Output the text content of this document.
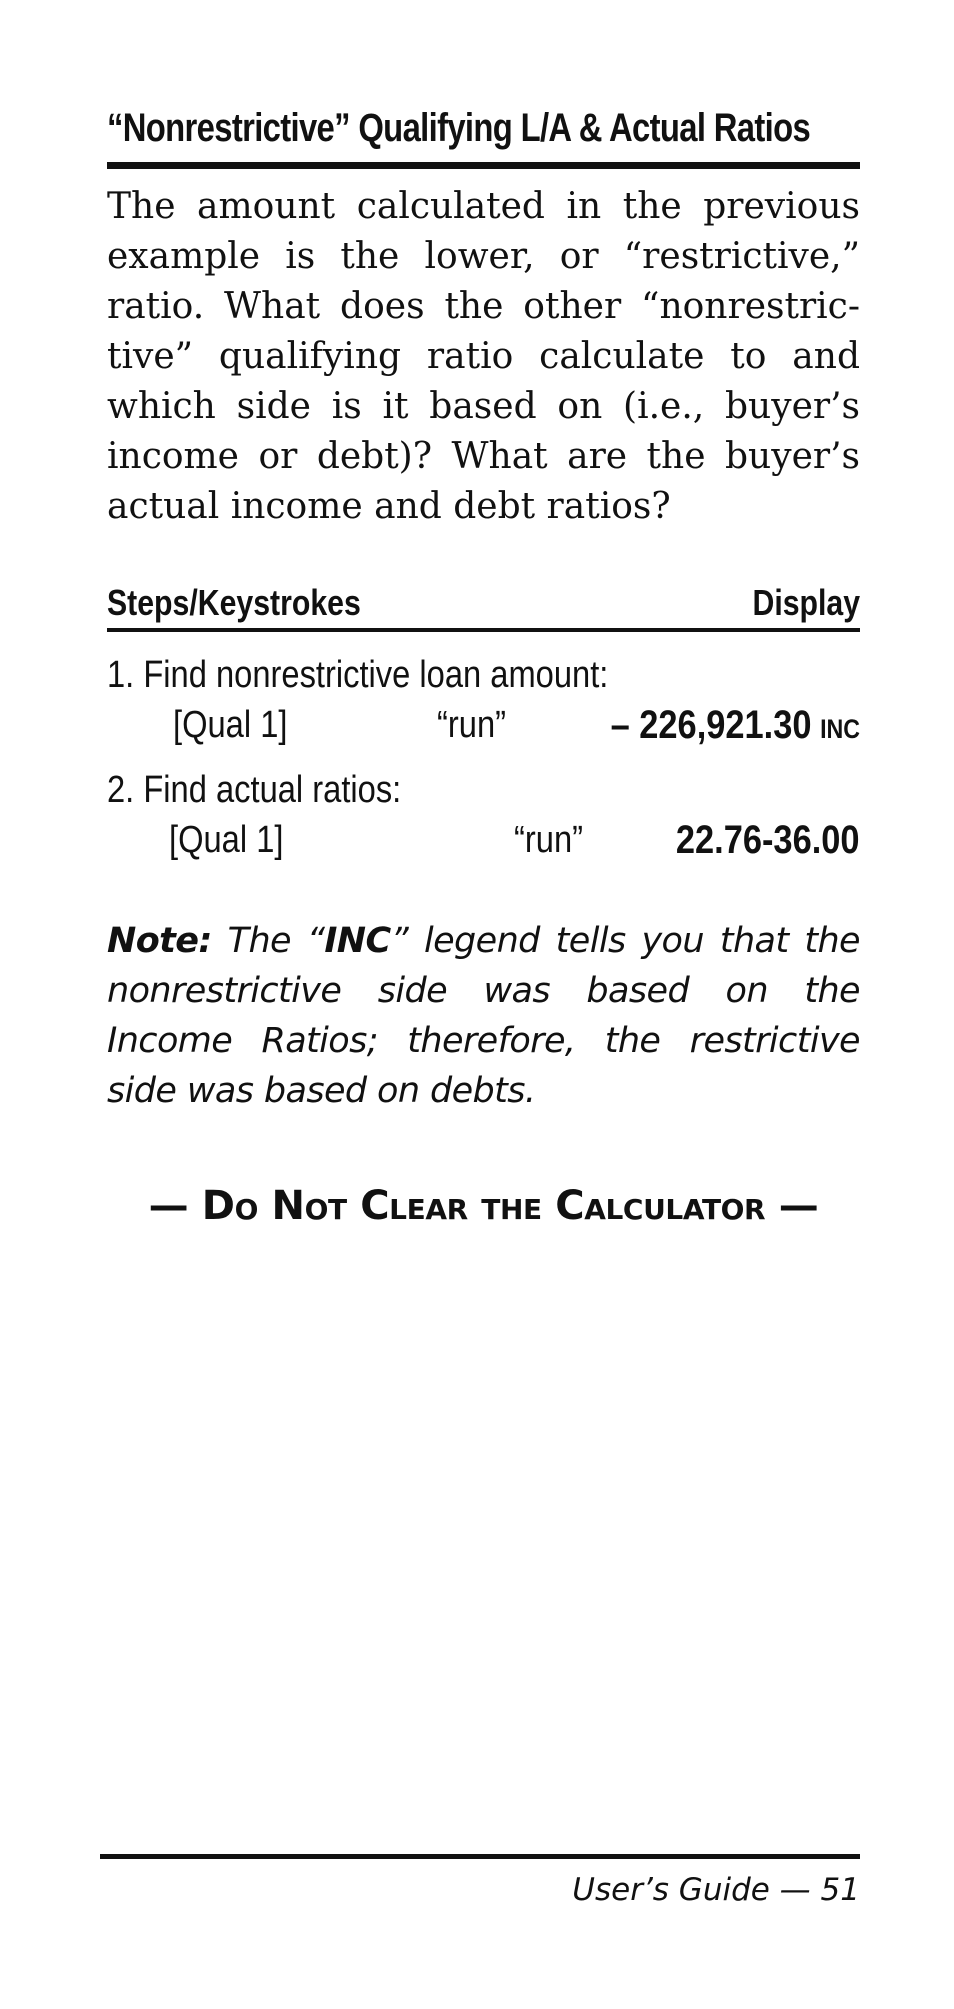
“Nonrestrictive” Qualifying L/A & Actual Ratios
The amount calculated in the previous example is the lower, or “restrictive,” ratio. What does the other “nonrestric-tive” qualifying ratio calculate to and which side is it based on (i.e., buyer’s income or debt)? What are the buyer’s actual income and debt ratios?
Steps/Keystrokes	Display
1. Find nonrestrictive loan amount:
[Qual 1]	“run”	– 226,921.30 INC
2. Find actual ratios:
[Qual 1]	“run” 22.76-36.00
Note: The “INC” legend tells you that the nonrestrictive side was based on the Income Ratios; therefore, the restrictive side was based on debts.
— Do Not Clear the Calculator —
User’s Guide — 51
